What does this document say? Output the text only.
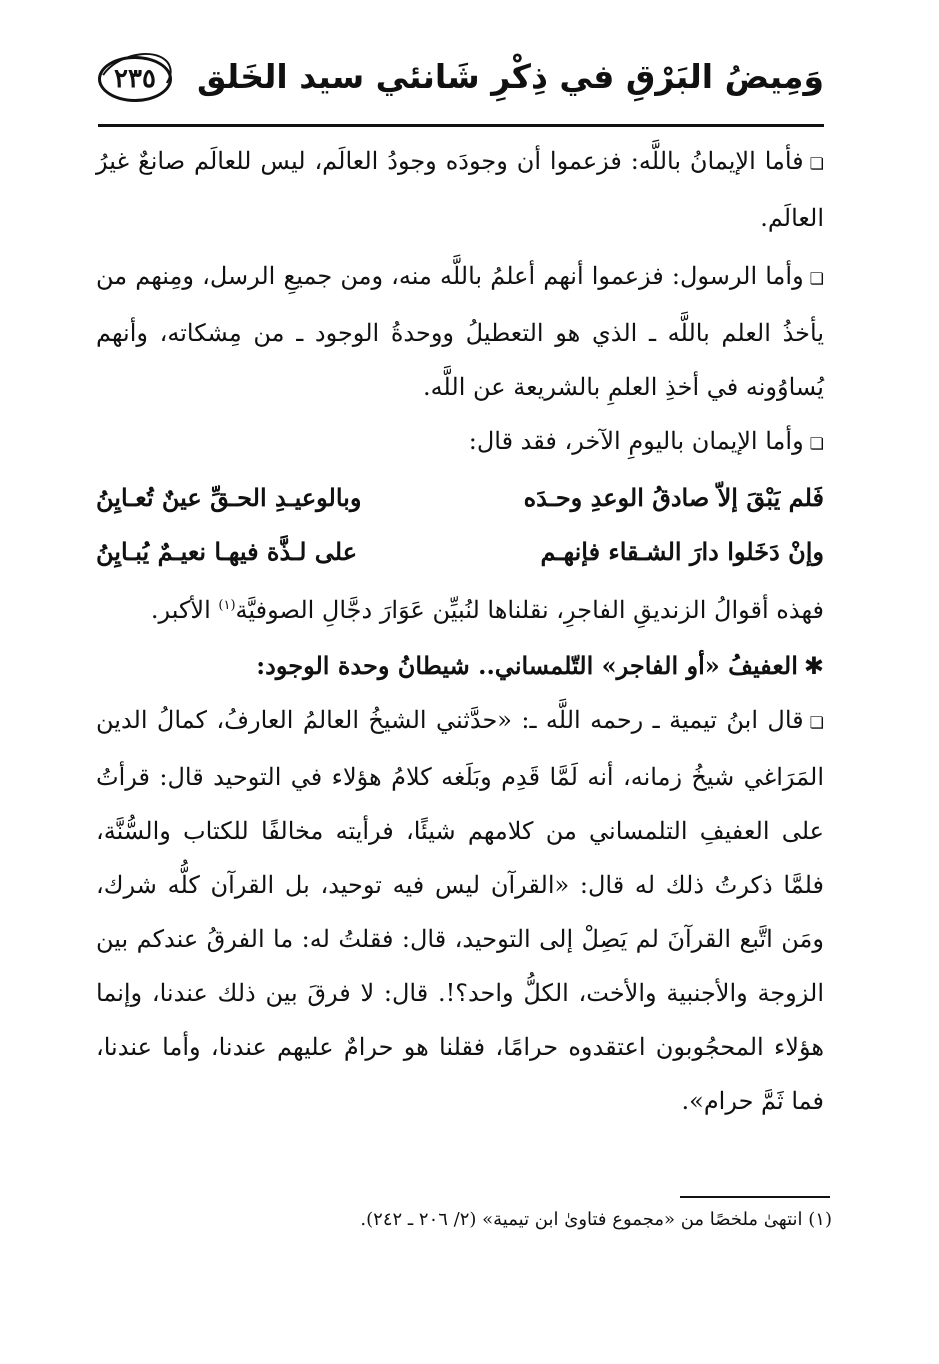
٢٣٥	وَمِيضُ البَرْقِ في ذِكْرِ شَانئي سيد الخَلق

❏فأما الإيمانُ باللَّه: فزعموا أن وجودَه وجودُ العالَم، ليس للعالَم صانعٌ غيرُ العالَم.

❏وأما الرسول: فزعموا أنهم أعلمُ باللَّه منه، ومن جميعِ الرسل، ومِنهم من يأخذُ العلم باللَّه ـ الذي هو التعطيلُ ووحدةُ الوجود ـ من مِشكاته، وأنهم يُساوُونه في أخذِ العلمِ بالشريعة عن اللَّه.

❏وأما الإيمان باليومِ الآخر، فقد قال:

فَلم يَبْقَ إلاّ صادقُ الوعدِ وحـدَه
وبالوعيـدِ الحـقِّ عينٌ تُعـايِنُ
وإنْ دَخَلوا دارَ الشـقاء فإنهـم
على لـذَّة فيهـا نعيـمٌ يُبـايِنُ

فهذه أقوالُ الزنديقِ الفاجرِ، نقلناها لنُبيِّن عَوَارَ دجَّالِ الصوفيَّة$^{(١)}$ الأكبر.

✱العفيفُ «أو الفاجر» التّلمساني.. شيطانُ وحدة الوجود:

❏قال ابنُ تيمية ـ رحمه اللَّه ـ: «حدَّثني الشيخُ العالمُ العارفُ، كمالُ الدين المَرَاغي شيخُ زمانه، أنه لَمَّا قَدِم وبَلَغه كلامُ هؤلاء في التوحيد قال: قرأتُ على العفيفِ التلمساني من كلامهم شيئًا، فرأيته مخالفًا للكتاب والسُّنَّة، فلمَّا ذكرتُ ذلك له قال: «القرآن ليس فيه توحيد، بل القرآن كلُّه شرك، ومَن اتَّبع القرآنَ لم يَصِلْ إلى التوحيد، قال: فقلتُ له: ما الفرقُ عندكم بين الزوجة والأجنبية والأخت، الكلُّ واحد؟!. قال: لا فرقَ بين ذلك عندنا، وإنما هؤلاء المحجُوبون اعتقدوه حرامًا، فقلنا هو حرامٌ عليهم عندنا، وأما عندنا، فما ثَمَّ حرام».

(١) انتهىٰ ملخصًا من «مجموع فتاوىٰ ابن تيمية» (٢/ ٢٠٦ ـ ٢٤٢).
